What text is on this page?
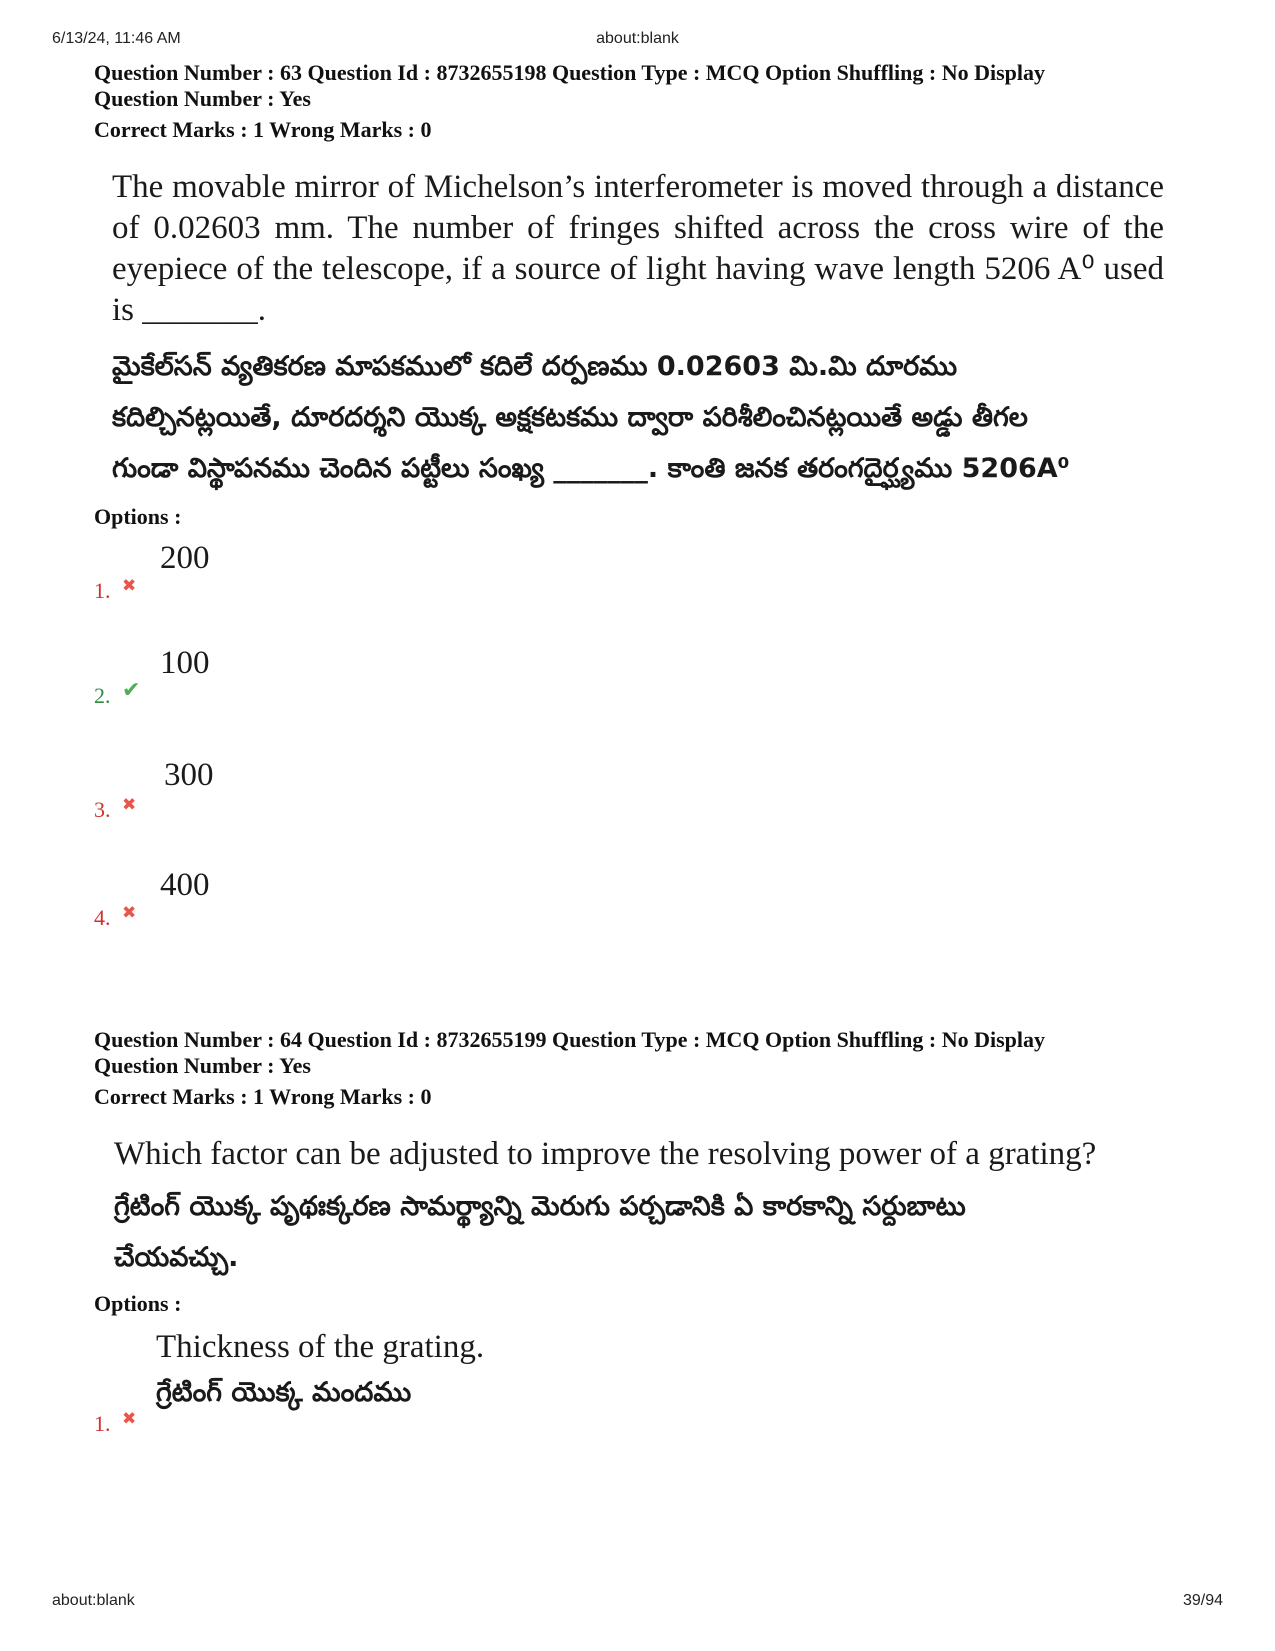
6/13/24, 11:46 AM	about:blank
Question Number : 63 Question Id : 8732655198 Question Type : MCQ Option Shuffling : No Display
Question Number : Yes
Correct Marks : 1 Wrong Marks : 0
The movable mirror of Michelson’s interferometer is moved through a distance of 0.02603 mm. The number of fringes shifted across the cross wire of the eyepiece of the telescope, if a source of light having wave length 5206 A⁰ used is _______.
మైకేల్‌సన్ వ్యతికరణ మాపకములో కదిలే దర్పణము 0.02603 మి.మి దూరము
కదిల్చినట్లయితే, దూరదర్శని యొక్క అక్షకటకము ద్వారా పరిశీలించినట్లయితే అడ్డు తీగల
గుండా విస్థాపనము చెందిన పట్టీలు సంఖ్య _______. కాంతి జనక తరంగదైర్ఘ్యము 5206A⁰
Options :
1. ✖
200
2. ✔
100
3. ✖
300
4. ✖
400
Question Number : 64 Question Id : 8732655199 Question Type : MCQ Option Shuffling : No Display
Question Number : Yes
Correct Marks : 1 Wrong Marks : 0
Which factor can be adjusted to improve the resolving power of a grating?
గ్రేటింగ్ యొక్క పృథఃక్కరణ సామర్థ్యాన్ని మెరుగు పర్చడానికి ఏ కారకాన్ని సర్దుబాటు
చేయవచ్చు.
Options :
1. ✖
Thickness of the grating.
గ్రేటింగ్ యొక్క మందము
about:blank	39/94
